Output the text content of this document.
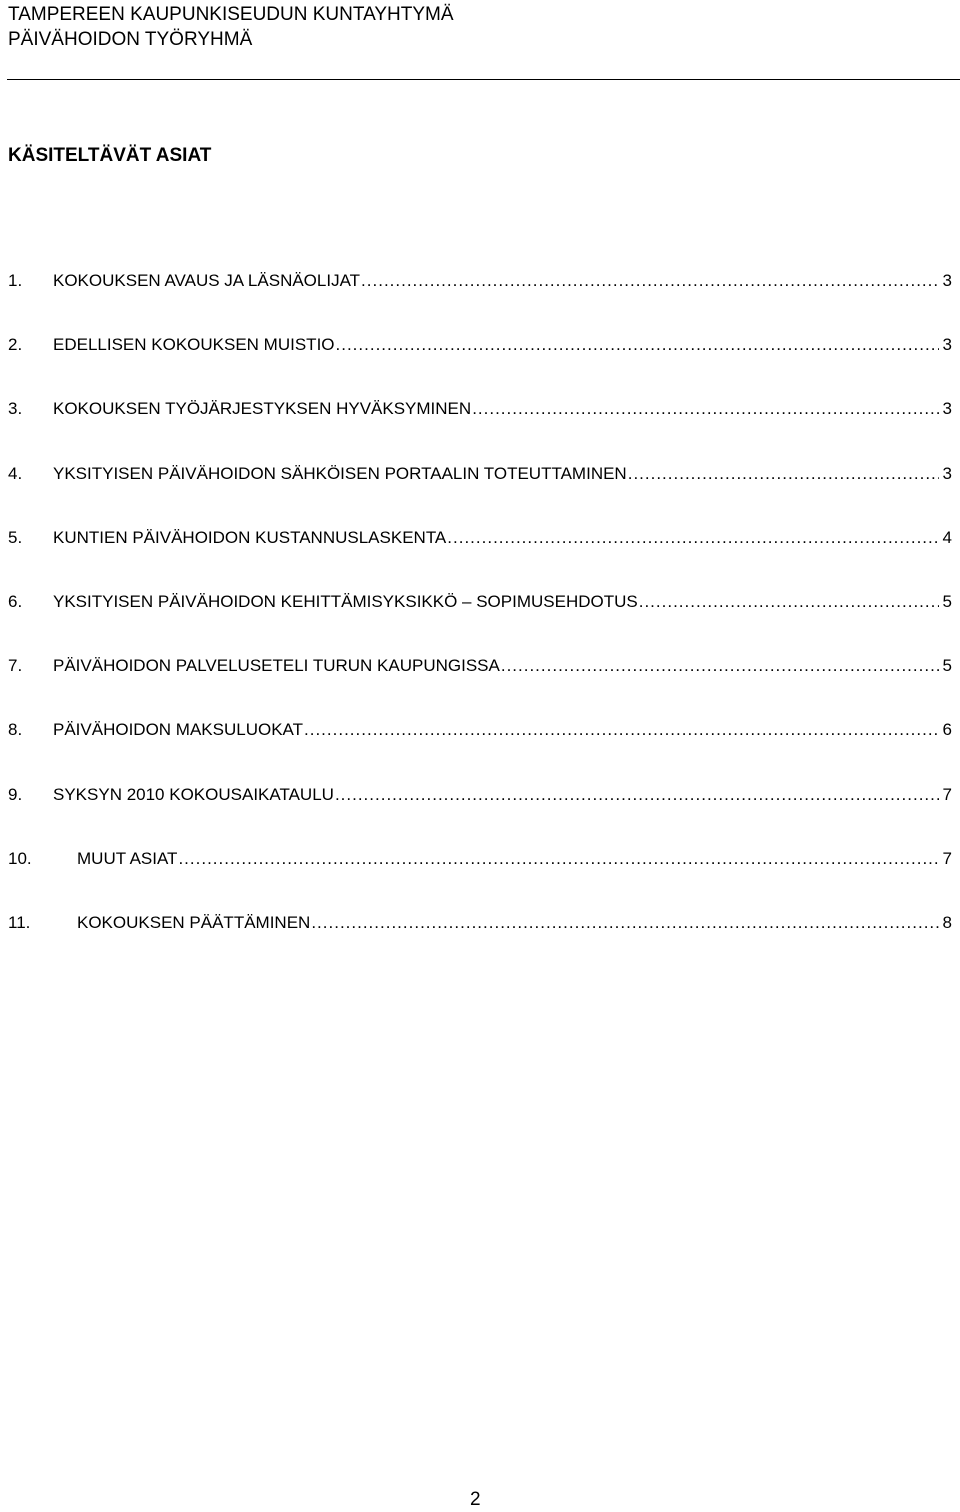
TAMPEREEN KAUPUNKISEUDUN KUNTAYHTYMÄ
PÄIVÄHOIDON TYÖRYHMÄ
KÄSITELTÄVÄT ASIAT
1.	KOKOUKSEN AVAUS JA LÄSNÄOLIJAT .....	3
2.	EDELLISEN KOKOUKSEN MUISTIO .....	3
3.	KOKOUKSEN TYÖJÄRJESTYKSEN HYVÄKSYMINEN .....	3
4.	YKSITYISEN PÄIVÄHOIDON SÄHKÖISEN PORTAALIN TOTEUTTAMINEN .....	3
5.	KUNTIEN PÄIVÄHOIDON KUSTANNUSLASKENTA .....	4
6.	YKSITYISEN PÄIVÄHOIDON KEHITTÄMISYKSIKKÖ – SOPIMUSEHDOTUS .....	5
7.	PÄIVÄHOIDON PALVELUSETELI TURUN KAUPUNGISSA .....	5
8.	PÄIVÄHOIDON MAKSULUOKAT .....	6
9.	SYKSYN 2010 KOKOUSAIKATAULU .....	7
10.	MUUT ASIAT .....	7
11.	KOKOUKSEN PÄÄTTÄMINEN .....	8
2
